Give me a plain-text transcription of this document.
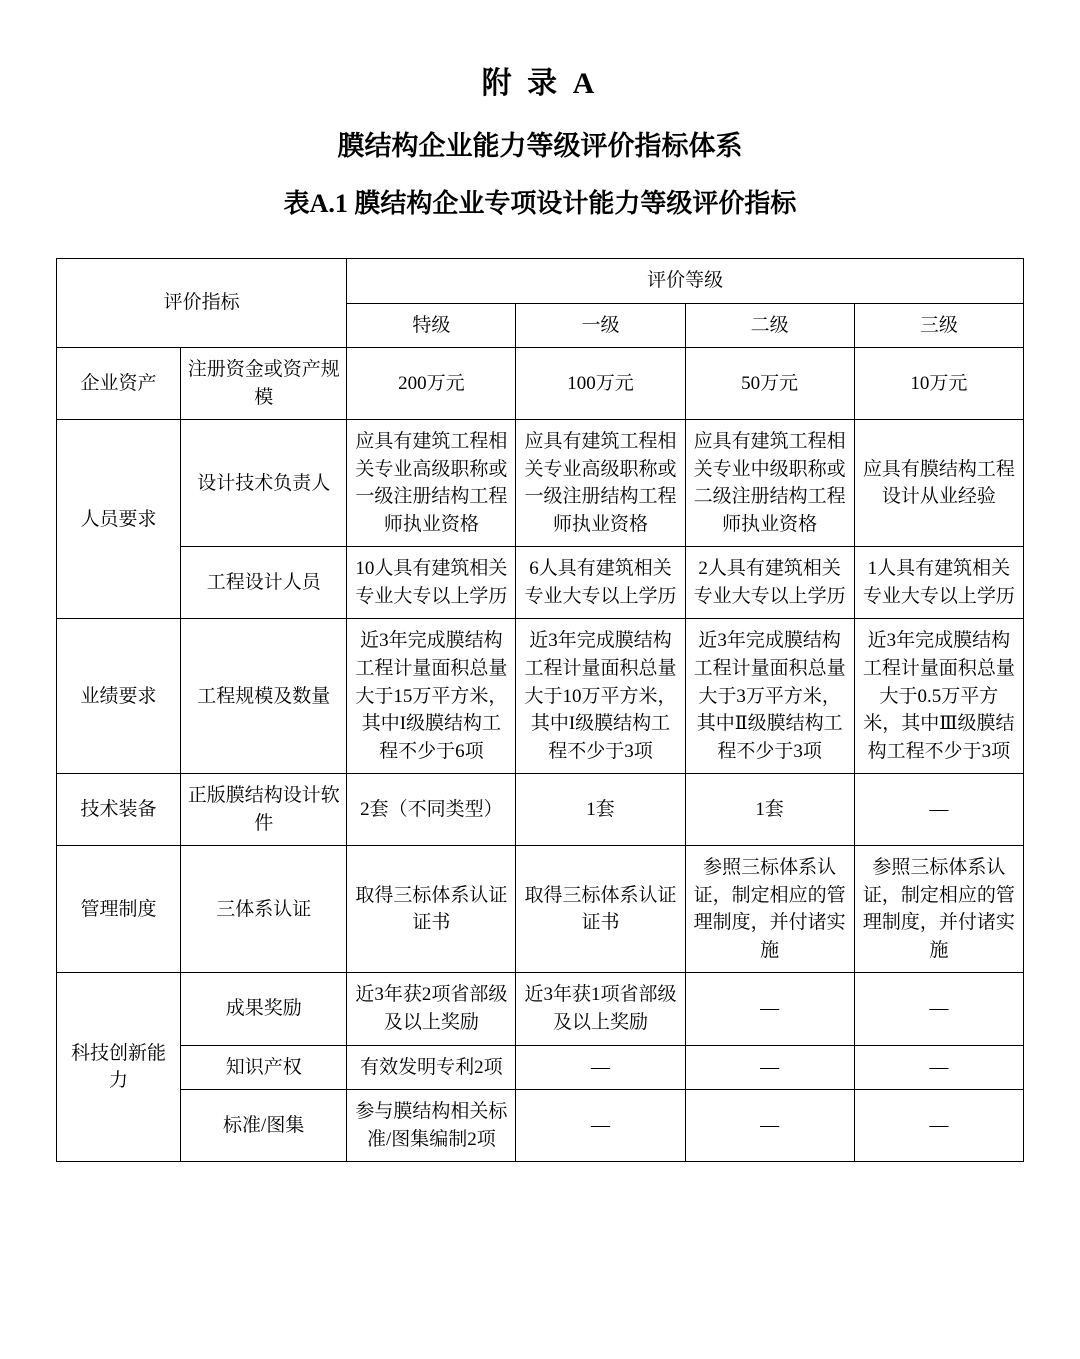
附 录 A
膜结构企业能力等级评价指标体系
表A.1 膜结构企业专项设计能力等级评价指标
评价指标		评价等级			
		特级	一级	二级	三级
企业资产	注册资金或资产规模	200万元	100万元	50万元	10万元
人员要求	设计技术负责人	应具有建筑工程相关专业高级职称或一级注册结构工程师执业资格	应具有建筑工程相关专业高级职称或一级注册结构工程师执业资格	应具有建筑工程相关专业中级职称或二级注册结构工程师执业资格	应具有膜结构工程设计从业经验
	工程设计人员	10人具有建筑相关专业大专以上学历	6人具有建筑相关专业大专以上学历	2人具有建筑相关专业大专以上学历	1人具有建筑相关专业大专以上学历
业绩要求	工程规模及数量	近3年完成膜结构工程计量面积总量大于15万平方米，其中I级膜结构工程不少于6项	近3年完成膜结构工程计量面积总量大于10万平方米，其中I级膜结构工程不少于3项	近3年完成膜结构工程计量面积总量大于3万平方米，其中Ⅱ级膜结构工程不少于3项	近3年完成膜结构工程计量面积总量大于0.5万平方米，其中Ⅲ级膜结构工程不少于3项
技术装备	正版膜结构设计软件	2套（不同类型）	1套	1套	—
管理制度	三体系认证	取得三标体系认证证书	取得三标体系认证证书	参照三标体系认证，制定相应的管理制度，并付诸实施	参照三标体系认证，制定相应的管理制度，并付诸实施
科技创新能力	成果奖励	近3年获2项省部级及以上奖励	近3年获1项省部级及以上奖励	—	—
	知识产权	有效发明专利2项	—	—	—
	标准/图集	参与膜结构相关标准/图集编制2项	—	—	—
